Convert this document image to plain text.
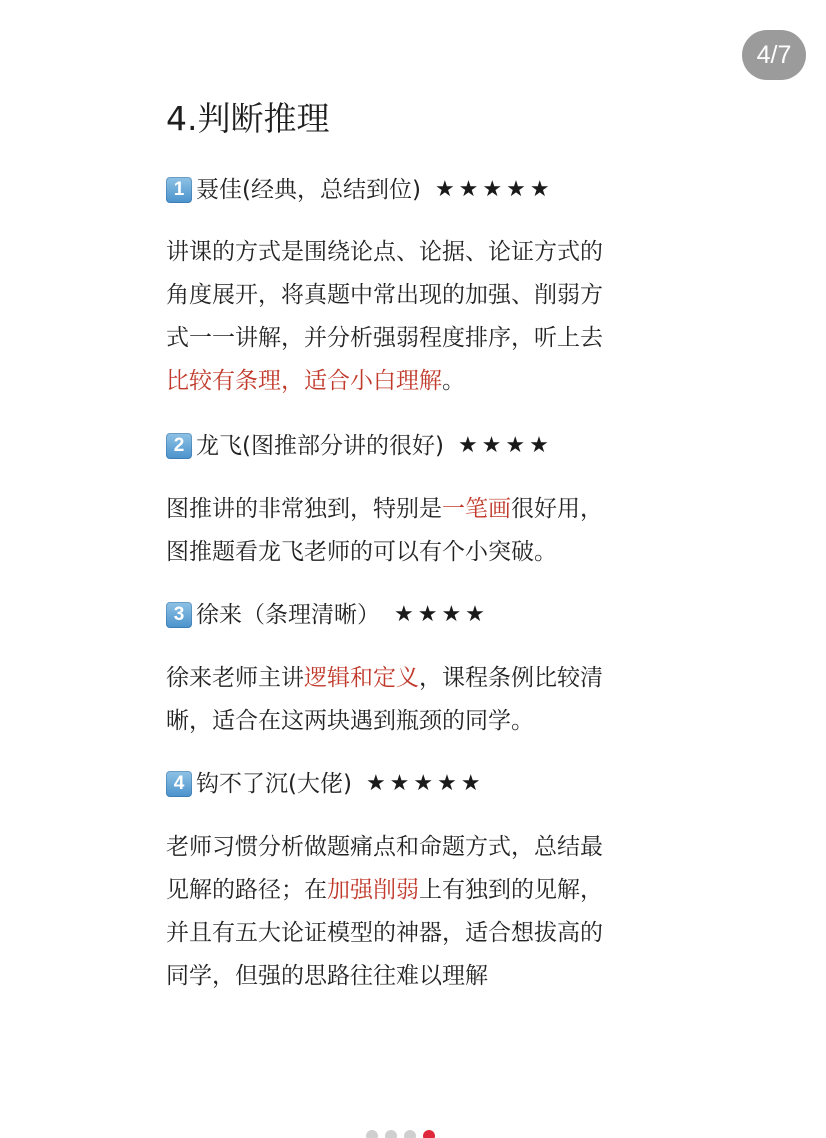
4/7
4.判断推理
1 聂佳(经典，总结到位) ★★★★★
讲课的方式是围绕论点、论据、论证方式的
角度展开，将真题中常出现的加强、削弱方
式一一讲解，并分析强弱程度排序，听上去
比较有条理，适合小白理解。
2 龙飞(图推部分讲的很好) ★★★★
图推讲的非常独到，特别是一笔画很好用，
图推题看龙飞老师的可以有个小突破。
3 徐来（条理清晰） ★★★★
徐来老师主讲逻辑和定义，课程条例比较清
晰，适合在这两块遇到瓶颈的同学。
4 钩不了沉(大佬) ★★★★★
老师习惯分析做题痛点和命题方式，总结最
见解的路径；在加强削弱上有独到的见解，
并且有五大论证模型的神器，适合想拔高的
同学，但强的思路往往难以理解
